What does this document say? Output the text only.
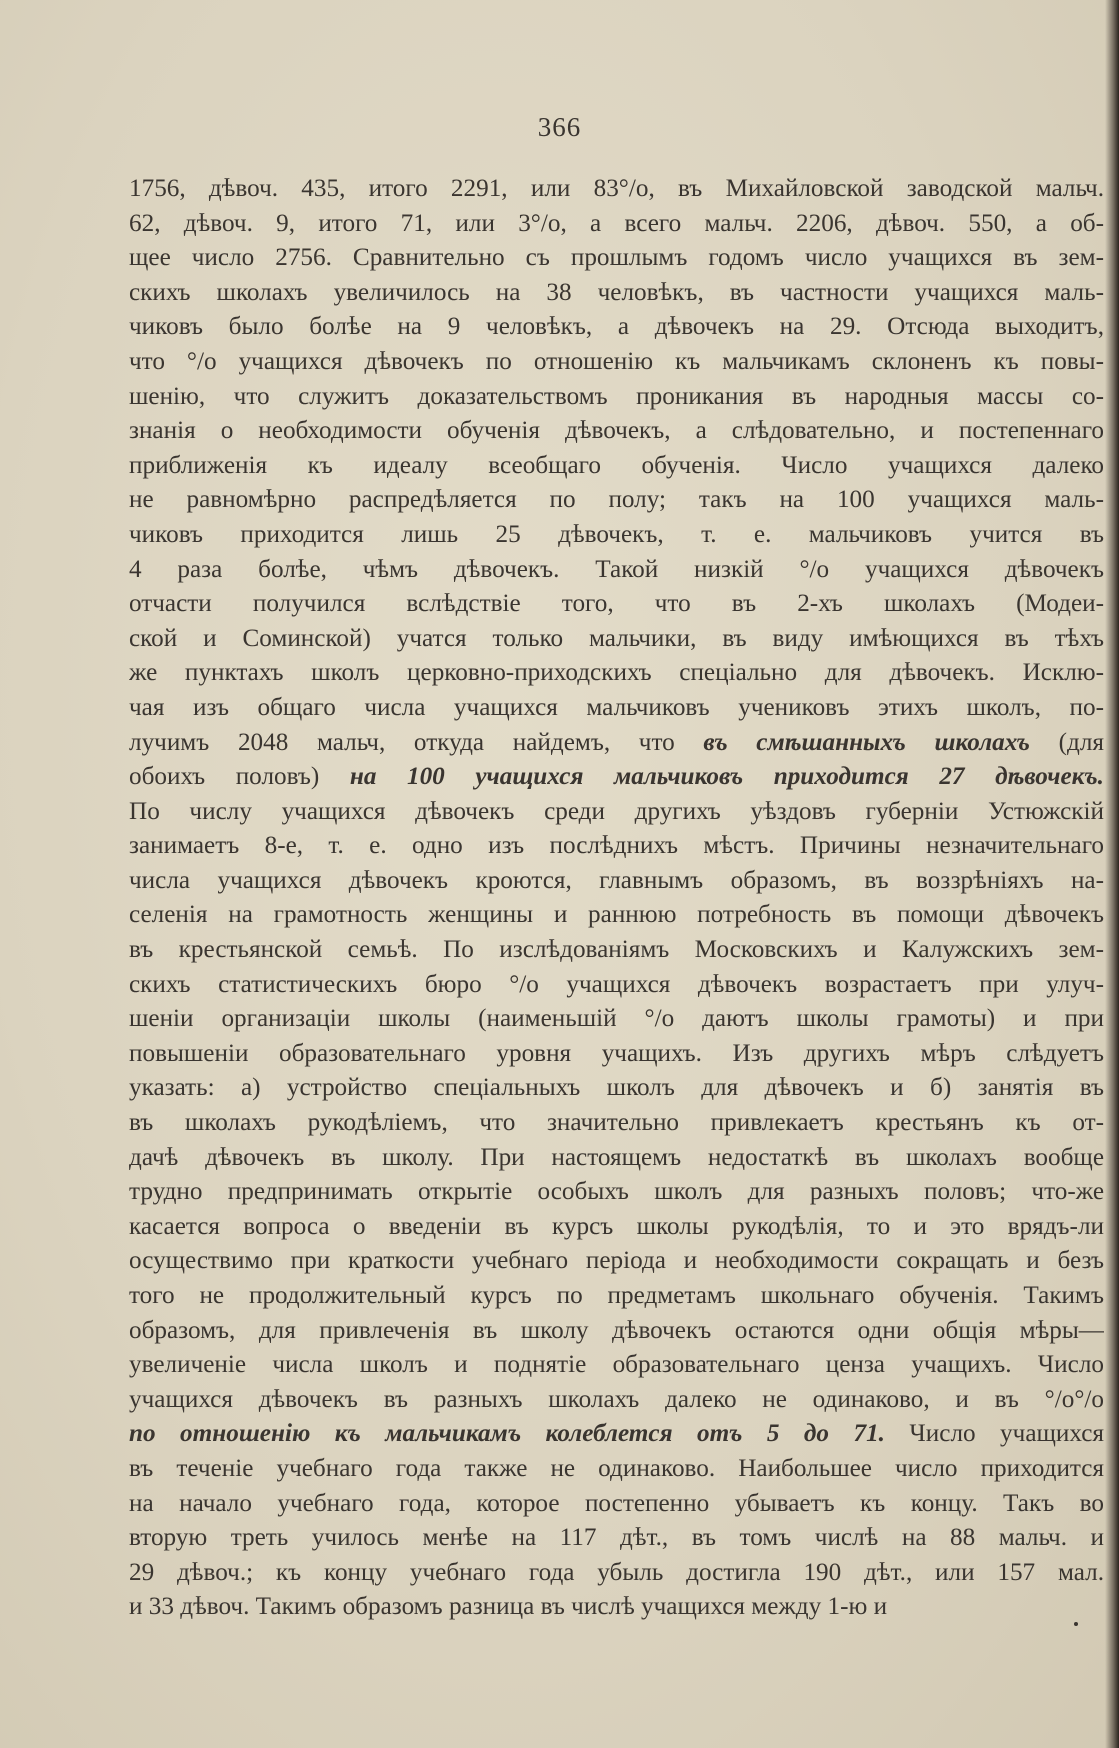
366
1756, дѣвоч. 435, итого 2291, или 83°/о, въ Михайловской заводской мальч.
62, дѣвоч. 9, итого 71, или 3°/о, а всего мальч. 2206, дѣвоч. 550, а об-
щее число 2756. Сравнительно съ прошлымъ годомъ число учащихся въ зем-
скихъ школахъ увеличилось на 38 человѣкъ, въ частности учащихся маль-
чиковъ было болѣе на 9 человѣкъ, а дѣвочекъ на 29. Отсюда выходитъ,
что °/о учащихся дѣвочекъ по отношенію къ мальчикамъ склоненъ къ повы-
шенію, что служитъ доказательствомъ проникания въ народныя массы со-
знанія о необходимости обученія дѣвочекъ, а слѣдовательно, и постепеннаго
приближенія къ идеалу всеобщаго обученія. Число учащихся далеко
не равномѣрно распредѣляется по полу; такъ на 100 учащихся маль-
чиковъ приходится лишь 25 дѣвочекъ, т. е. мальчиковъ учится въ
4 раза болѣе, чѣмъ дѣвочекъ. Такой низкій °/о учащихся дѣвочекъ
отчасти получился вслѣдствіе того, что въ 2-хъ школахъ (Модеи-
ской и Соминской) учатся только мальчики, въ виду имѣющихся въ тѣхъ
же пунктахъ школъ церковно-приходскихъ спеціально для дѣвочекъ. Исклю-
чая изъ общаго числа учащихся мальчиковъ учениковъ этихъ школъ, по-
лучимъ 2048 мальч, откуда найдемъ, что въ смѣшанныхъ школахъ (для
обоихъ половъ) на 100 учащихся мальчиковъ приходится 27 дѣвочекъ.
По числу учащихся дѣвочекъ среди другихъ уѣздовъ губерніи Устюжскій
занимаетъ 8-е, т. е. одно изъ послѣднихъ мѣстъ. Причины незначительнаго
числа учащихся дѣвочекъ кроются, главнымъ образомъ, въ воззрѣніяхъ на-
селенія на грамотность женщины и раннюю потребность въ помощи дѣвочекъ
въ крестьянской семьѣ. По изслѣдованіямъ Московскихъ и Калужскихъ зем-
скихъ статистическихъ бюро °/о учащихся дѣвочекъ возрастаетъ при улуч-
шеніи организаціи школы (наименьшій °/о даютъ школы грамоты) и при
повышеніи образовательнаго уровня учащихъ. Изъ другихъ мѣръ слѣдуетъ
указать: а) устройство спеціальныхъ школъ для дѣвочекъ и б) занятія въ
въ школахъ рукодѣліемъ, что значительно привлекаетъ крестьянъ къ от-
дачѣ дѣвочекъ въ школу. При настоящемъ недостаткѣ въ школахъ вообще
трудно предпринимать открытіе особыхъ школъ для разныхъ половъ; что-же
касается вопроса о введеніи въ курсъ школы рукодѣлія, то и это врядъ-ли
осуществимо при краткости учебнаго періода и необходимости сокращать и безъ
того не продолжительный курсъ по предметамъ школьнаго обученія. Такимъ
образомъ, для привлеченія въ школу дѣвочекъ остаются одни общія мѣры—
увеличеніе числа школъ и поднятіе образовательнаго ценза учащихъ. Число
учащихся дѣвочекъ въ разныхъ школахъ далеко не одинаково, и въ °/о°/о
по отношенію къ мальчикамъ колеблется отъ 5 до 71. Число учащихся
въ теченіе учебнаго года также не одинаково. Наибольшее число приходится
на начало учебнаго года, которое постепенно убываетъ къ концу. Такъ во
вторую треть училось менѣе на 117 дѣт., въ томъ числѣ на 88 мальч. и
29 дѣвоч.; къ концу учебнаго года убыль достигла 190 дѣт., или 157 мал.
и 33 дѣвоч. Такимъ образомъ разница въ числѣ учащихся между 1-ю и
